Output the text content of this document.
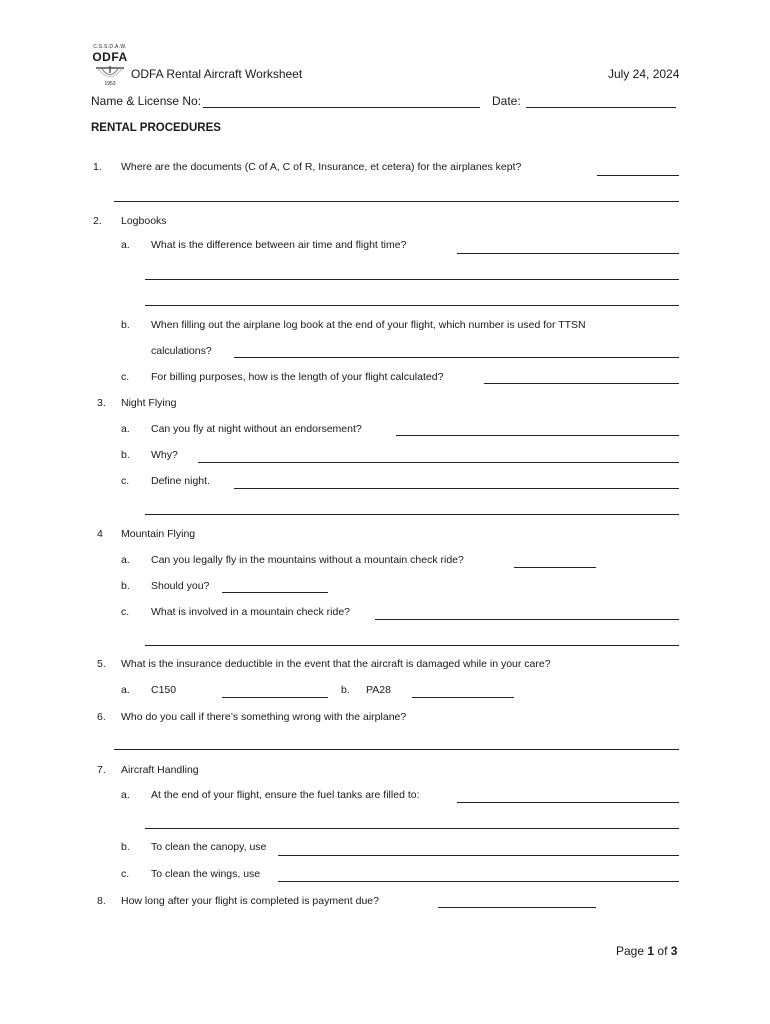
C.S.S.D.A.W.
ODFA
1953
ODFA Rental Aircraft Worksheet	July 24, 2024
Name & License No:	Date:
RENTAL PROCEDURES
1. Where are the documents (C of A, C of R, Insurance, et cetera) for the airplanes kept?
2. Logbooks
a. What is the difference between air time and flight time?
b. When filling out the airplane log book at the end of your flight, which number is used for TTSN
calculations?
c. For billing purposes, how is the length of your flight calculated?
3. Night Flying
a. Can you fly at night without an endorsement?
b. Why?
c. Define night.
4 Mountain Flying
a. Can you legally fly in the mountains without a mountain check ride?
b. Should you?
c. What is involved in a mountain check ride?
5. What is the insurance deductible in the event that the aircraft is damaged while in your care?
a. C150	b. PA28
6. Who do you call if there’s something wrong with the airplane?
7. Aircraft Handling
a. At the end of your flight, ensure the fuel tanks are filled to:
b. To clean the canopy, use
c. To clean the wings, use
8. How long after your flight is completed is payment due?
Page 1 of 3
